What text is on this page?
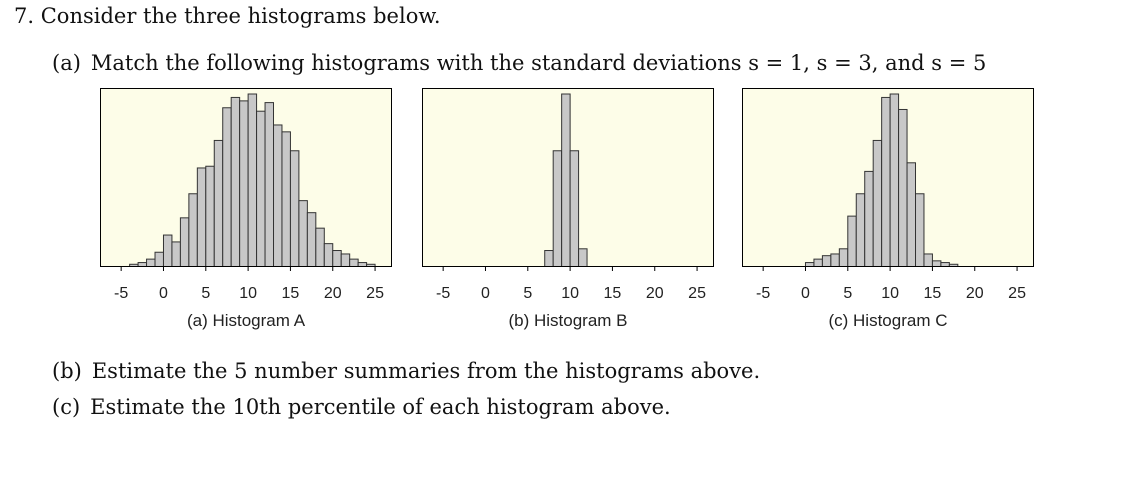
7. Consider the three histograms below.
(a) Match the following histograms with the standard deviations s = 1, s = 3, and s = 5
-5 0 5 10 15 20 25	-5 0 5 10 15 20 25	-5 0 5 10 15 20 25
(a) Histogram A	(b) Histogram B	(c) Histogram C
(b) Estimate the 5 number summaries from the histograms above.
(c) Estimate the 10th percentile of each histogram above.
